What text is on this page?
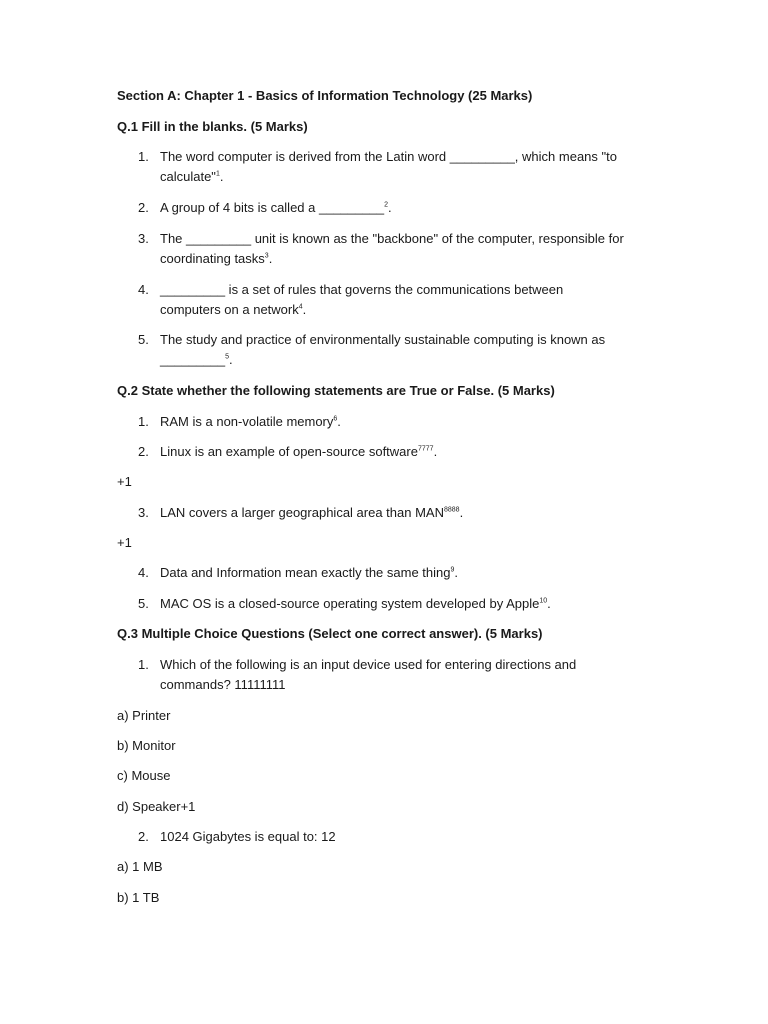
Section A: Chapter 1 - Basics of Information Technology (25 Marks)
Q.1 Fill in the blanks. (5 Marks)
1. The word computer is derived from the Latin word _________, which means "to calculate"$^1$.
2. A group of 4 bits is called a _________$^2$.
3. The _________ unit is known as the "backbone" of the computer, responsible for coordinating tasks$^3$.
4. _________ is a set of rules that governs the communications between computers on a network$^4$.
5. The study and practice of environmentally sustainable computing is known as _________$^5$.
Q.2 State whether the following statements are True or False. (5 Marks)
1. RAM is a non-volatile memory$^6$.
2. Linux is an example of open-source software$^{7777}$.
+1
3. LAN covers a larger geographical area than $MAN^{8888}$.
+1
4. Data and Information mean exactly the same thing$^9$.
5. MAC OS is a closed-source operating system developed by Apple$^{10}$.
Q.3 Multiple Choice Questions (Select one correct answer). (5 Marks)
1. Which of the following is an input device used for entering directions and commands? 11111111
a) Printer
b) Monitor
c) Mouse
d) Speaker+1
2. 1024 Gigabytes is equal to: 12
a) 1 MB
b) 1 TB
